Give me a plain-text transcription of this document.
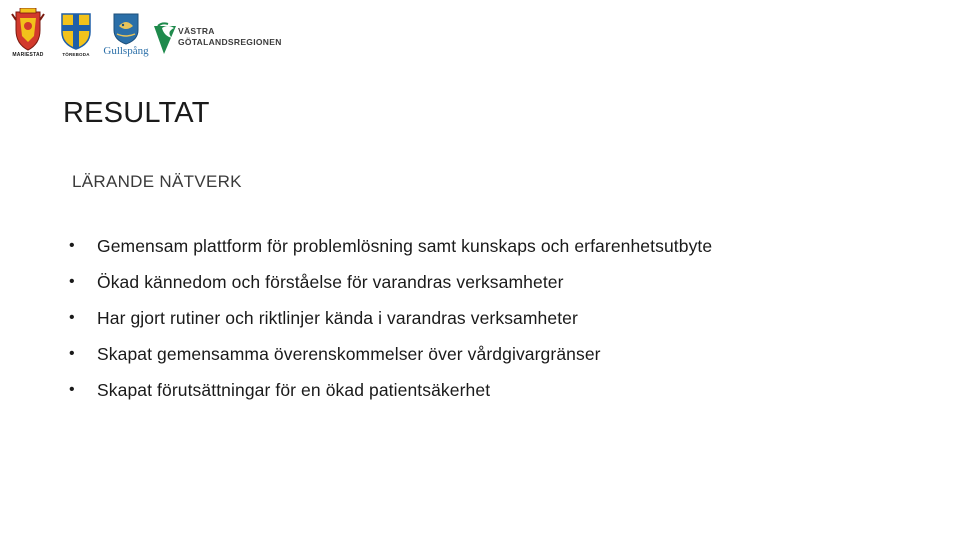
MARIESTAD	TÖREBODA	Gullspång
VÄSTRA
GÖTALANDSREGIONEN
RESULTAT
LÄRANDE NÄTVERK
•	Gemensam plattform för problemlösning samt kunskaps och erfarenhetsutbyte
•	Ökad kännedom och förståelse för varandras verksamheter
•	Har gjort rutiner och riktlinjer kända i varandras verksamheter
•	Skapat gemensamma överenskommelser över vårdgivargränser
•	Skapat förutsättningar för en ökad patientsäkerhet
